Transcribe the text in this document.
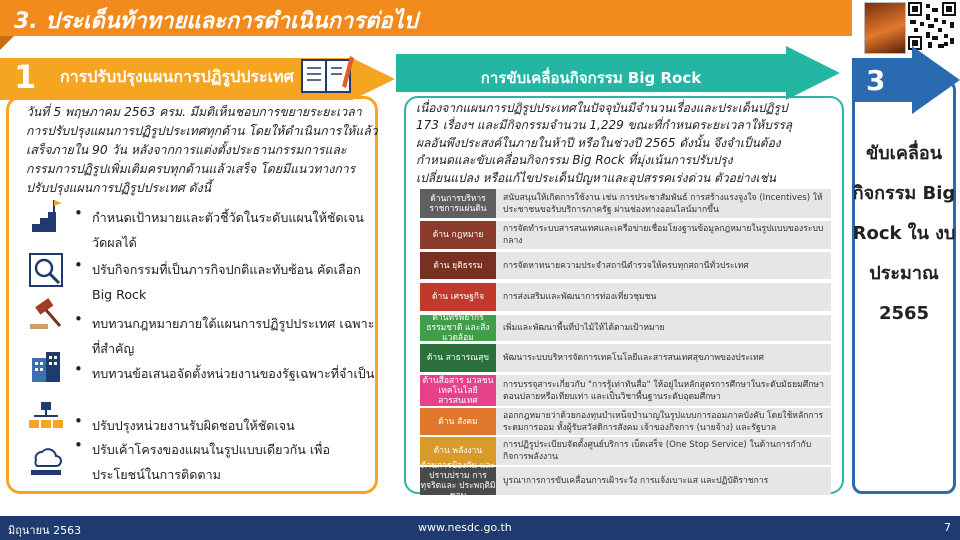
3. ประเด็นท้าทายและการดำเนินการต่อไป
1 การปรับปรุงแผนการปฏิรูปประเทศ
วันที่ 5 พฤษภาคม 2563 ครม. มีมติเห็นชอบการขยายระยะเวลาการปรับปรุงแผนการปฏิรูปประเทศทุกด้าน โดยให้ดำเนินการให้แล้วเสร็จภายใน 90 วัน หลังจากการแต่งตั้งประธานกรรมการและกรรมการปฏิรูปเพิ่มเติมครบทุกด้านแล้วเสร็จ โดยมีแนวทางการปรับปรุงแผนการปฏิรูปประเทศ ดังนี้
• กำหนดเป้าหมายและตัวชี้วัดในระดับแผนให้ชัดเจน วัดผลได้
• ปรับกิจกรรมที่เป็นภารกิจปกติและทับซ้อน คัดเลือก Big Rock
• ทบทวนกฎหมายภายใต้แผนการปฏิรูปประเทศ เฉพาะที่สำคัญ
• ทบทวนข้อเสนอจัดตั้งหน่วยงานของรัฐเฉพาะที่จำเป็น
• ปรับปรุงหน่วยงานรับผิดชอบให้ชัดเจน
• ปรับเค้าโครงของแผนในรูปแบบเดียวกัน เพื่อประโยชน์ในการติดตาม
การขับเคลื่อนกิจกรรม Big Rock
เนื่องจากแผนการปฏิรูปประเทศในปัจจุบันมีจำนวนเรื่องและประเด็นปฏิรูป 173 เรื่องฯ และมีกิจกรรมจำนวน 1,229 ขณะที่กำหนดระยะเวลาให้บรรลุผลอันพึงประสงค์ในภายในห้าปี หรือในช่วงปี 2565 ดังนั้น จึงจำเป็นต้องกำหนดและขับเคลื่อนกิจกรรม Big Rock ที่มุ่งเน้นการปรับปรุง เปลี่ยนแปลง หรือแก้ไขประเด็นปัญหาและอุปสรรคเร่งด่วน ตัวอย่างเช่น
ด้านการบริหาร ราชการแผ่นดิน
สนับสนุนให้เกิดการใช้งาน เช่น การประชาสัมพันธ์ การสร้างแรงจูงใจ (Incentives) ให้ประชาชนขอรับบริการภาครัฐ ผ่านช่องทางออนไลน์มากขึ้น
ด้าน กฎหมาย
การจัดทำระบบสารสนเทศและเครือข่ายเชื่อมโยงฐานข้อมูลกฎหมายในรูปแบบของระบบกลาง
ด้าน ยุติธรรม การจัดหาทนายความประจำสถานีตำรวจให้ครบทุกสถานีทั่วประเทศ
ด้าน เศรษฐกิจ การส่งเสริมและพัฒนาการท่องเที่ยวชุมชน
ด้านทรัพยากร ธรรมชาติ และสิ่งแวดล้อม
เพิ่มและพัฒนาพื้นที่ป่าไม้ให้ได้ตามเป้าหมาย
ด้าน สาธารณสุข พัฒนาระบบบริหารจัดการเทคโนโลยีและสารสนเทศสุขภาพของประเทศ
ด้านสื่อสาร มวลชนเทคโนโลยี สารสนเทศ
การบรรจุสาระเกี่ยวกับ "การรู้เท่าทันสื่อ" ให้อยู่ในหลักสูตรการศึกษาในระดับมัธยมศึกษาตอนปลายหรือเทียบเท่า และเป็นวิชาพื้นฐานระดับอุดมศึกษา
ด้าน สังคม
ออกกฎหมายว่าด้วยกองทุนบำเหน็จบำนาญในรูปแบบการออมภาคบังคับ โดยใช้หลักการระดมการออม ทั้งผู้รับสวัสดิการสังคม เจ้าของกิจการ (นายจ้าง) และรัฐบาล
ด้าน พลังงาน
การปฏิรูประเบียบจัดตั้งศูนย์บริการ เบ็ดเสร็จ (One Stop Service) ในด้านการกำกับกิจการพลังงาน
ด้านการป้องกัน และปราบปราม การทุจริตและ ประพฤติมิชอบ
บูรณาการการขับเคลื่อนการเฝ้าระวัง การแจ้งเบาะแส และปฏิบัติราชการ
3
ขับเคลื่อน กิจกรรม Big Rock ใน งบประมาณ 2565
มิถุนายน 2563	www.nesdc.go.th	7
